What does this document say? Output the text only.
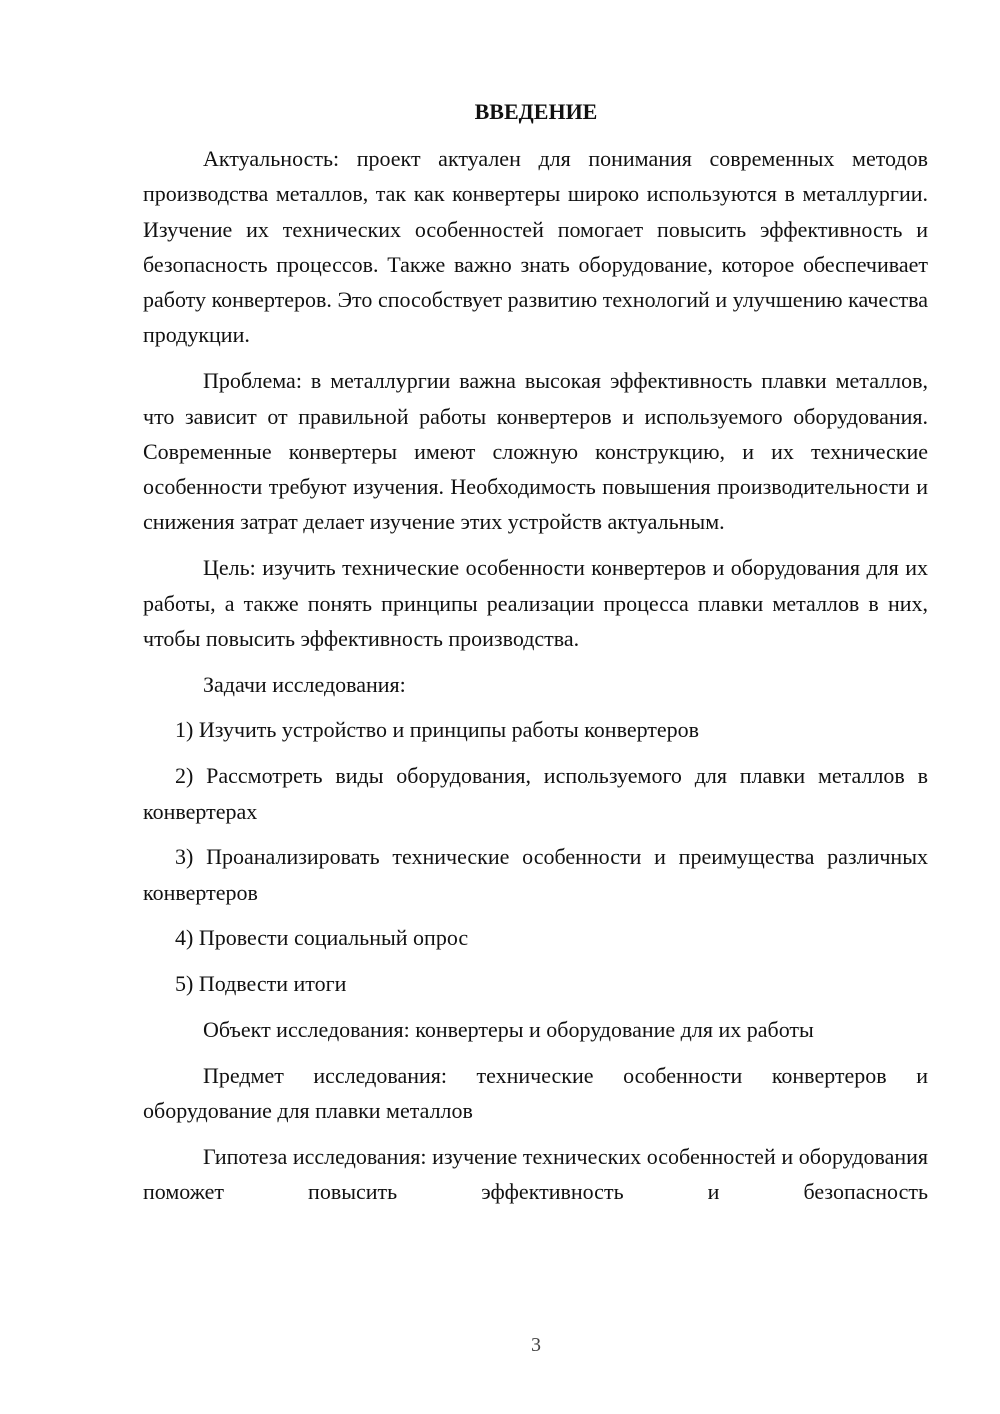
ВВЕДЕНИЕ

Актуальность: проект актуален для понимания современных методов производства металлов, так как конвертеры широко используются в металлургии. Изучение их технических особенностей помогает повысить эффективность и безопасность процессов. Также важно знать оборудование, которое обеспечивает работу конвертеров. Это способствует развитию технологий и улучшению качества продукции.

Проблема: в металлургии важна высокая эффективность плавки металлов, что зависит от правильной работы конвертеров и используемого оборудования. Современные конвертеры имеют сложную конструкцию, и их технические особенности требуют изучения. Необходимость повышения производительности и снижения затрат делает изучение этих устройств актуальным.

Цель: изучить технические особенности конвертеров и оборудования для их работы, а также понять принципы реализации процесса плавки металлов в них, чтобы повысить эффективность производства.

Задачи исследования:

1) Изучить устройство и принципы работы конвертеров

2) Рассмотреть виды оборудования, используемого для плавки металлов в конвертерах

3) Проанализировать технические особенности и преимущества различных конвертеров

4) Провести социальный опрос

5) Подвести итоги

Объект исследования: конвертеры и оборудование для их работы

Предмет исследования: технические особенности конвертеров и оборудование для плавки металлов

Гипотеза исследования: изучение технических особенностей и оборудования поможет повысить эффективность и безопасность

3
